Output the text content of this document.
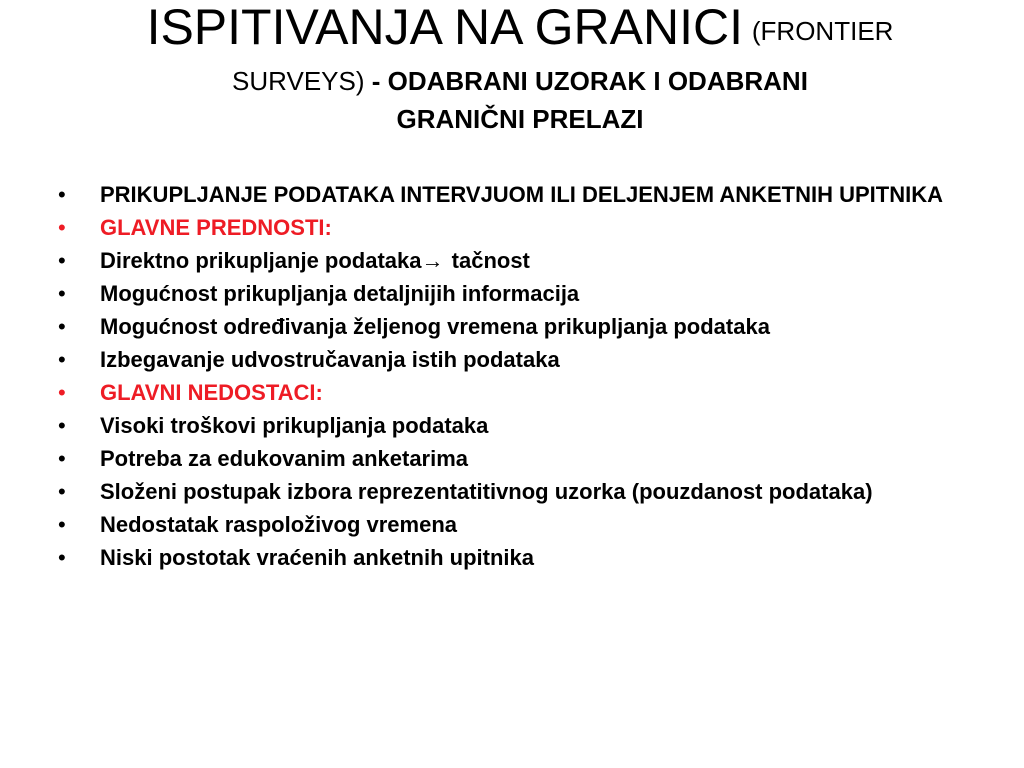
ISPITIVANJA NA GRANICI (FRONTIER
SURVEYS) - ODABRANI UZORAK I ODABRANI
GRANIČNI PRELAZI
• PRIKUPLJANJE PODATAKA INTERVJUOM ILI DELJENJEM ANKETNIH UPITNIKA
• GLAVNE PREDNOSTI:
• Direktno prikupljanje podataka→ tačnost
• Mogućnost prikupljanja detaljnijih informacija
• Mogućnost određivanja željenog vremena prikupljanja podataka
• Izbegavanje udvostručavanja istih podataka
• GLAVNI NEDOSTACI:
• Visoki troškovi prikupljanja podataka
• Potreba za edukovanim anketarima
• Složeni postupak izbora reprezentatitivnog uzorka (pouzdanost podataka)
• Nedostatak raspoloživog vremena
• Niski postotak vraćenih anketnih upitnika
